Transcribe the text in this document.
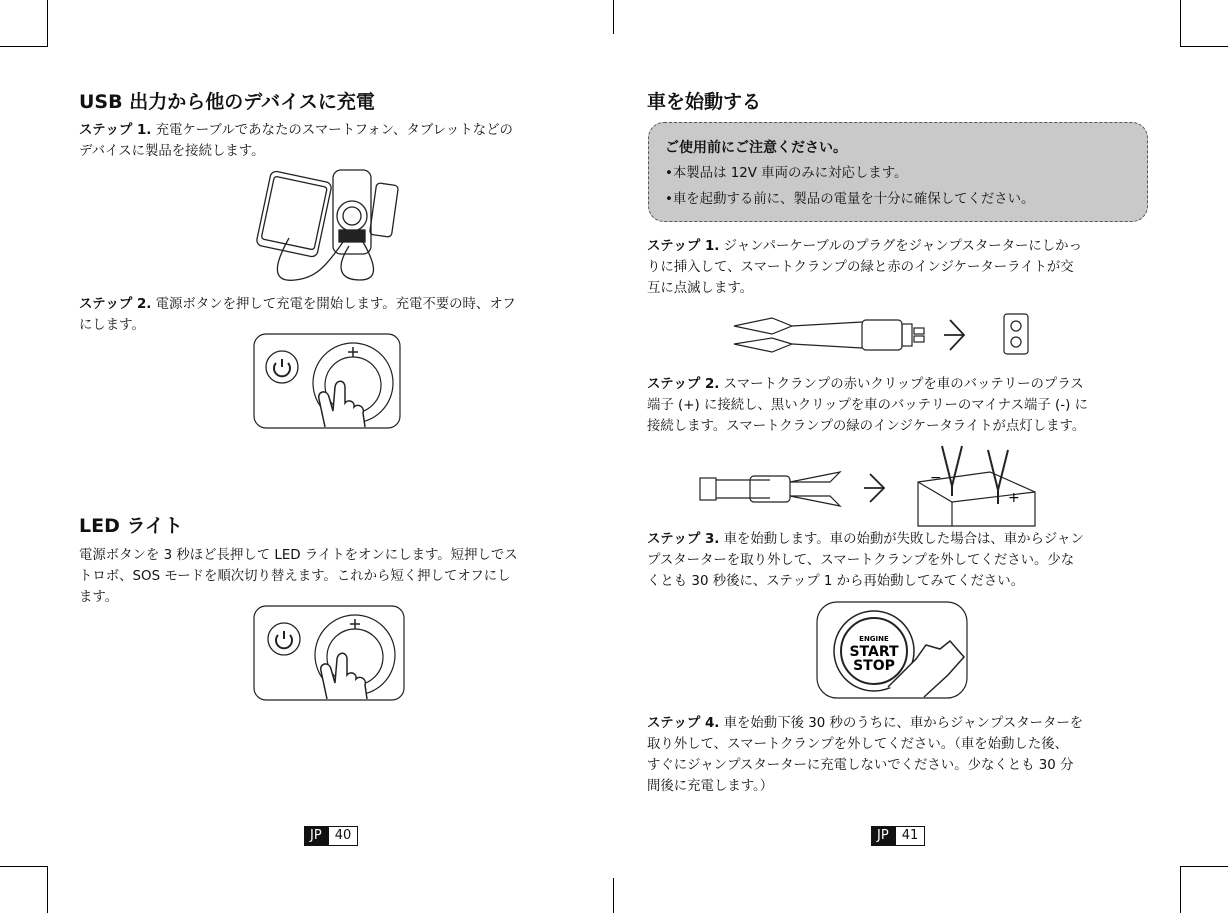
USB 出力から他のデバイスに充電
ステップ 1. 充電ケーブルであなたのスマートフォン、タブレットなどの
デバイスに製品を接続します。
ステップ 2. 電源ボタンを押して充電を開始します。充電不要の時、オフ
にします。
LED ライト
電源ボタンを 3 秒ほど長押して LED ライトをオンにします。短押しでス
トロボ、SOS モードを順次切り替えます。これから短く押してオフにし
ます。
JP	40
車を始動する
ご使用前にご注意ください。
•本製品は 12V 車両のみに対応します。
•車を起動する前に、製品の電量を十分に確保してください。
ステップ 1. ジャンパーケーブルのプラグをジャンプスターターにしかっ
りに挿入して、スマートクランプの緑と赤のインジケーターライトが交
互に点滅します。
ステップ 2. スマートクランプの赤いクリップを車のバッテリーのプラス
端子 (+) に接続し、黒いクリップを車のバッテリーのマイナス端子 (-) に
接続します。スマートクランプの緑のインジケータライトが点灯します。
−
+
ステップ 3. 車を始動します。車の始動が失敗した場合は、車からジャン
プスターターを取り外して、スマートクランプを外してください。少な
くとも 30 秒後に、ステップ 1 から再始動してみてください。
ENGINE
START
STOP
ステップ 4. 車を始動下後 30 秒のうちに、車からジャンプスターターを
取り外して、スマートクランプを外してください。（車を始動した後、
すぐにジャンプスターターに充電しないでください。少なくとも 30 分
間後に充電します。）
JP	41
